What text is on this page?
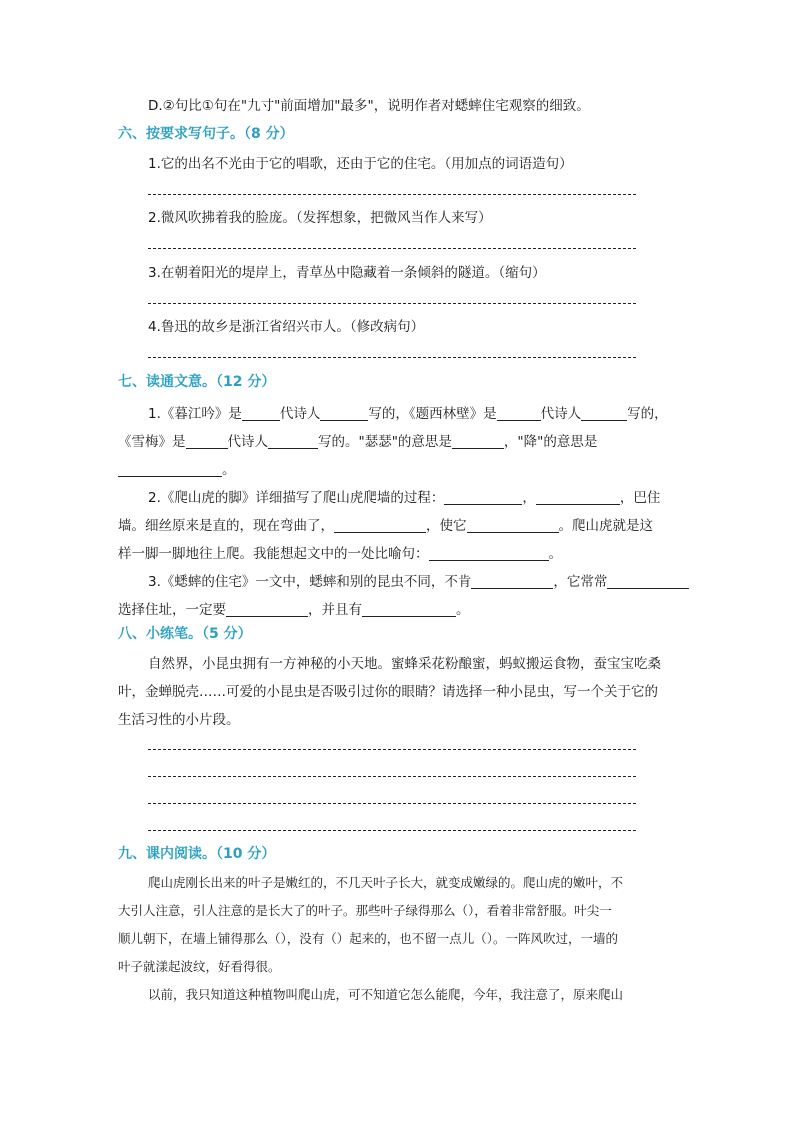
D.②句比①句在"九寸"前面增加"最多"，说明作者对蟋蟀住宅观察的细致。
六、按要求写句子。（8 分）
1.它的出名不光由于它的唱歌，还由于它的住宅。（用加点的词语造句）
2.微风吹拂着我的脸庞。（发挥想象，把微风当作人来写）
3.在朝着阳光的堤岸上，青草丛中隐藏着一条倾斜的隧道。（缩句）
4.鲁迅的故乡是浙江省绍兴市人。（修改病句）
七、读通文意。（12 分）
1.《暮江吟》是	代诗人	写的，《题西林壁》是	代诗人	写的，
《雪梅》是	代诗人	写的。"瑟瑟"的意思是	，"降"的意思是
。
2.《爬山虎的脚》详细描写了爬山虎爬墙的过程：	，	，巴住
墙。细丝原来是直的，现在弯曲了，	，使它	。爬山虎就是这
样一脚一脚地往上爬。我能想起文中的一处比喻句：	。
3.《蟋蟀的住宅》一文中，蟋蟀和别的昆虫不同，不肯	，它常常
选择住址，一定要	，并且有	。
八、小练笔。（5 分）
自然界，小昆虫拥有一方神秘的小天地。蜜蜂采花粉酿蜜，蚂蚁搬运食物，蚕宝宝吃桑
叶，金蝉脱壳……可爱的小昆虫是否吸引过你的眼睛？请选择一种小昆虫，写一个关于它的
生活习性的小片段。
九、课内阅读。（10 分）
爬山虎刚长出来的叶子是嫩红的，不几天叶子长大，就变成嫩绿的。爬山虎的嫩叶，不
大引人注意，引人注意的是长大了的叶子。那些叶子绿得那么（），看着非常舒服。叶尖一
顺儿朝下，在墙上铺得那么（），没有（）起来的，也不留一点儿（）。一阵风吹过，一墙的
叶子就漾起波纹，好看得很。
以前，我只知道这种植物叫爬山虎，可不知道它怎么能爬，今年，我注意了，原来爬山
